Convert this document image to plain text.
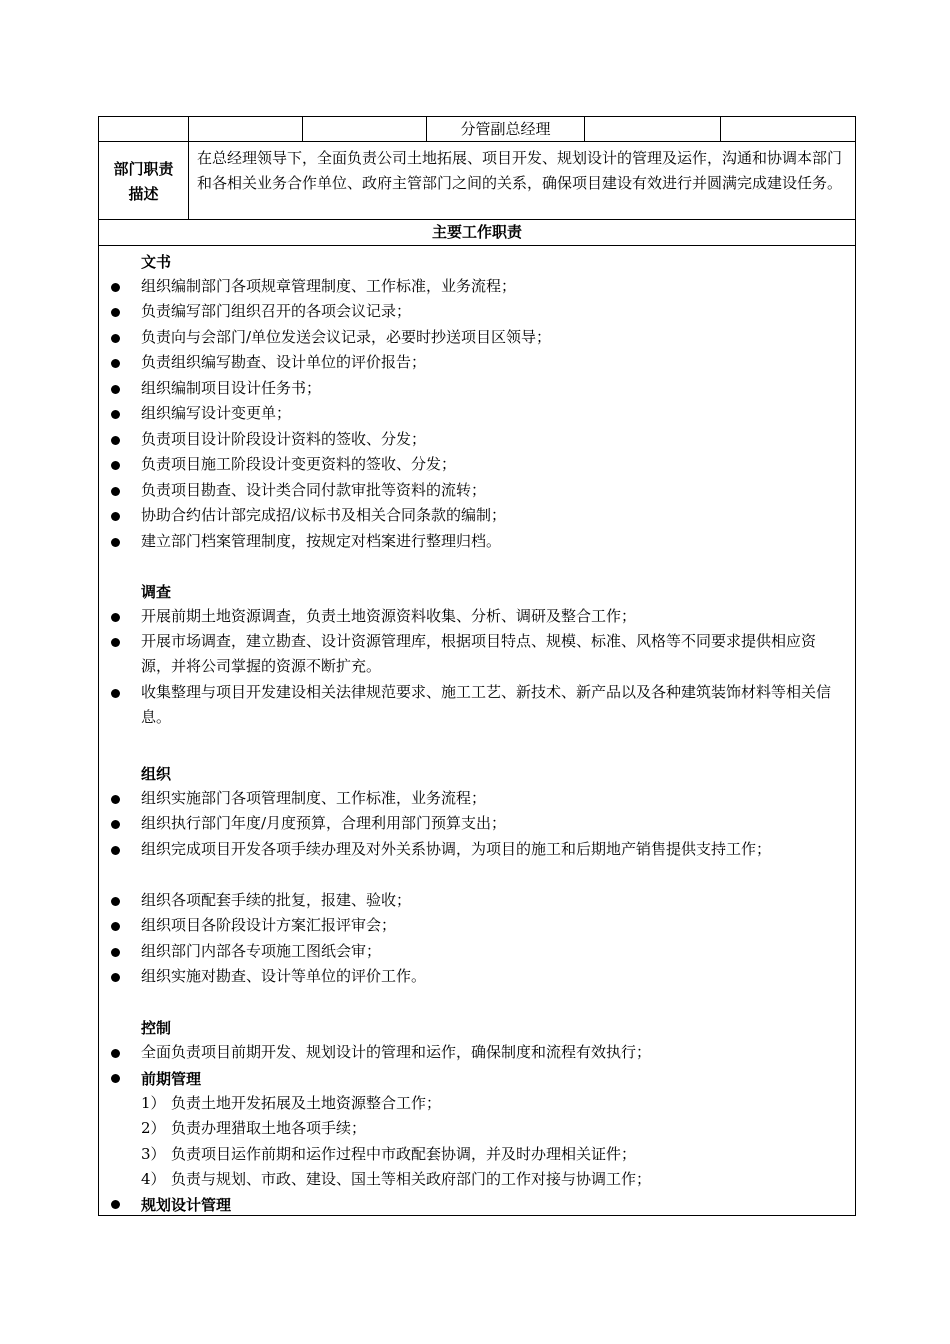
分管副总经理
部门职责
描述
在总经理领导下，全面负责公司土地拓展、项目开发、规划设计的管理及运作，沟通和协调本部门和各相关业务合作单位、政府主管部门之间的关系，确保项目建设有效进行并圆满完成建设任务。
主要工作职责
文书
组织编制部门各项规章管理制度、工作标准，业务流程；
负责编写部门组织召开的各项会议记录；
负责向与会部门/单位发送会议记录，必要时抄送项目区领导；
负责组织编写勘查、设计单位的评价报告；
组织编制项目设计任务书；
组织编写设计变更单；
负责项目设计阶段设计资料的签收、分发；
负责项目施工阶段设计变更资料的签收、分发；
负责项目勘查、设计类合同付款审批等资料的流转；
协助合约估计部完成招/议标书及相关合同条款的编制；
建立部门档案管理制度，按规定对档案进行整理归档。
调查
开展前期土地资源调查，负责土地资源资料收集、分析、调研及整合工作；
开展市场调查，建立勘查、设计资源管理库，根据项目特点、规模、标准、风格等不同要求提供相应资源，并将公司掌握的资源不断扩充。
收集整理与项目开发建设相关法律规范要求、施工工艺、新技术、新产品以及各种建筑装饰材料等相关信息。
组织
组织实施部门各项管理制度、工作标准，业务流程；
组织执行部门年度/月度预算，合理利用部门预算支出；
组织完成项目开发各项手续办理及对外关系协调，为项目的施工和后期地产销售提供支持工作；
组织各项配套手续的批复，报建、验收；
组织项目各阶段设计方案汇报评审会；
组织部门内部各专项施工图纸会审；
组织实施对勘查、设计等单位的评价工作。
控制
全面负责项目前期开发、规划设计的管理和运作，确保制度和流程有效执行；
前期管理
1） 负责土地开发拓展及土地资源整合工作；
2） 负责办理猎取土地各项手续；
3） 负责项目运作前期和运作过程中市政配套协调，并及时办理相关证件；
4） 负责与规划、市政、建设、国土等相关政府部门的工作对接与协调工作；
规划设计管理
